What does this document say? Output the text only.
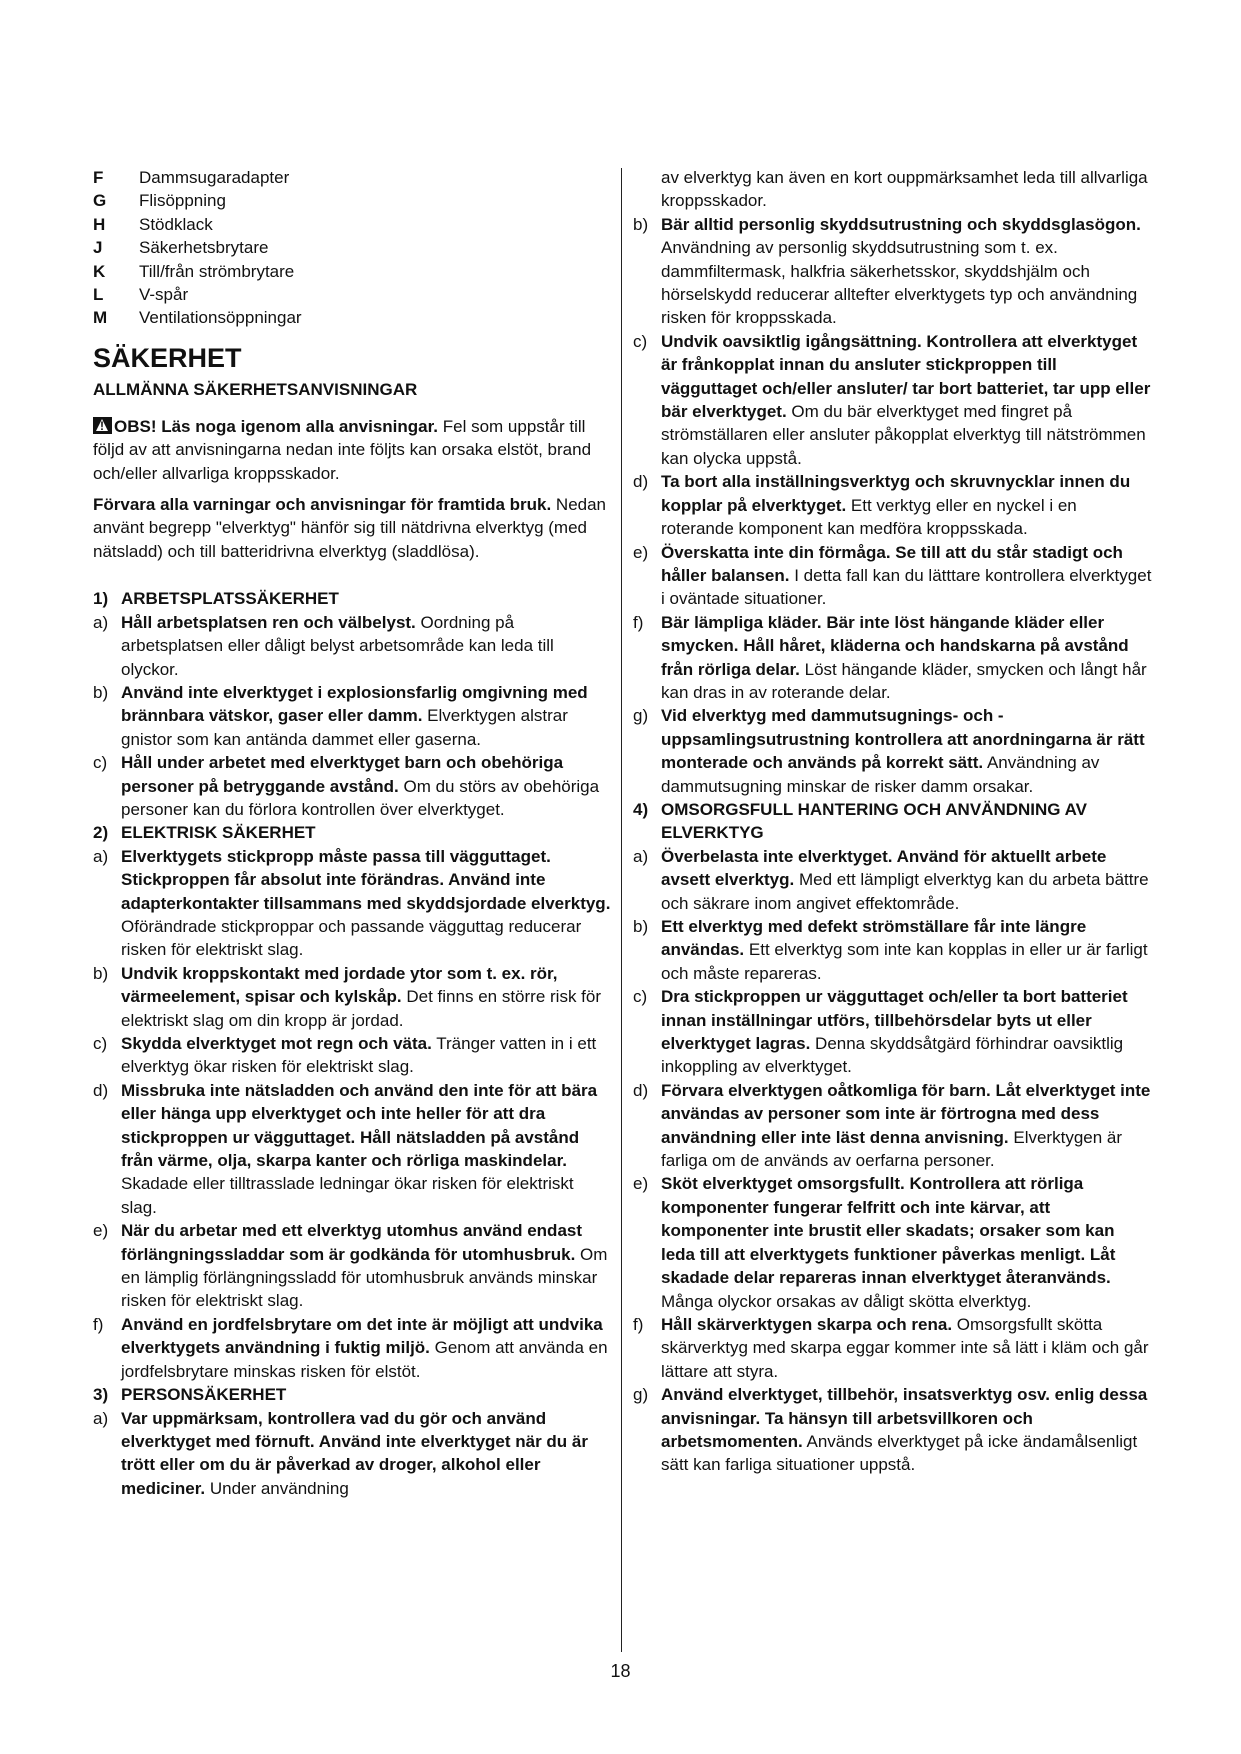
F	Dammsugaradapter
G	Flisöppning
H	Stödklack
J	Säkerhetsbrytare
K	Till/från strömbrytare
L	V-spår
M	Ventilationsöppningar
SÄKERHET
ALLMÄNNA SÄKERHETSANVISNINGAR

!OBS! Läs noga igenom alla anvisningar. Fel som uppstår till följd av att anvisningarna nedan inte följts kan orsaka elstöt, brand och/eller allvarliga kroppsskador.

Förvara alla varningar och anvisningar för framtida bruk. Nedan använt begrepp "elverktyg" hänför sig till nätdrivna elverktyg (med nätsladd) och till batteridrivna elverktyg (sladdlösa).

1) ARBETSPLATSSÄKERHET
a) Håll arbetsplatsen ren och välbelyst. Oordning på arbetsplatsen eller dåligt belyst arbetsområde kan leda till olyckor.
b) Använd inte elverktyget i explosionsfarlig omgivning med brännbara vätskor, gaser eller damm. Elverktygen alstrar gnistor som kan antända dammet eller gaserna.
c) Håll under arbetet med elverktyget barn och obehöriga personer på betryggande avstånd. Om du störs av obehöriga personer kan du förlora kontrollen över elverktyget.
2) ELEKTRISK SÄKERHET
a) Elverktygets stickpropp måste passa till vägguttaget. Stickproppen får absolut inte förändras. Använd inte adapterkontakter tillsammans med skyddsjordade elverktyg. Oförändrade stickproppar och passande vägguttag reducerar risken för elektriskt slag.
b) Undvik kroppskontakt med jordade ytor som t. ex. rör, värmeelement, spisar och kylskåp. Det finns en större risk för elektriskt slag om din kropp är jordad.
c) Skydda elverktyget mot regn och väta. Tränger vatten in i ett elverktyg ökar risken för elektriskt slag.
d) Missbruka inte nätsladden och använd den inte för att bära eller hänga upp elverktyget och inte heller för att dra stickproppen ur vägguttaget. Håll nätsladden på avstånd från värme, olja, skarpa kanter och rörliga maskindelar. Skadade eller tilltrasslade ledningar ökar risken för elektriskt slag.
e) När du arbetar med ett elverktyg utomhus använd endast förlängningssladdar som är godkända för utomhusbruk. Om en lämplig förlängningssladd för utomhusbruk används minskar risken för elektriskt slag.
f)	Använd en jordfelsbrytare om det inte är möjligt att undvika elverktygets användning i fuktig miljö. Genom att använda en jordfelsbrytare minskas risken för elstöt.
3) PERSONSÄKERHET
a) Var uppmärksam, kontrollera vad du gör och använd elverktyget med förnuft. Använd inte elverktyget när du är trött eller om du är påverkad av droger, alkohol eller mediciner. Under användning
av elverktyg kan även en kort ouppmärksamhet leda till allvarliga kroppsskador.
b) Bär alltid personlig skyddsutrustning och skyddsglasögon. Användning av personlig skyddsutrustning som t. ex. dammfiltermask, halkfria säkerhetsskor, skyddshjälm och hörselskydd reducerar alltefter elverktygets typ och användning risken för kroppsskada.
c) Undvik oavsiktlig igångsättning. Kontrollera att elverktyget är frånkopplat innan du ansluter stickproppen till vägguttaget och/eller ansluter/ tar bort batteriet, tar upp eller bär elverktyget. Om du bär elverktyget med fingret på strömställaren eller ansluter påkopplat elverktyg till nätströmmen kan olycka uppstå.
d) Ta bort alla inställningsverktyg och skruvnycklar innen du kopplar på elverktyget. Ett verktyg eller en nyckel i en roterande komponent kan medföra kroppsskada.
e) Överskatta inte din förmåga. Se till att du står stadigt och håller balansen. I detta fall kan du lätttare kontrollera elverktyget i oväntade situationer.
f)	Bär lämpliga kläder. Bär inte löst hängande kläder eller smycken. Håll håret, kläderna och handskarna på avstånd från rörliga delar. Löst hängande kläder, smycken och långt hår kan dras in av roterande delar.
g) Vid elverktyg med dammutsugnings- och -uppsamlingsutrustning kontrollera att anordningarna är rätt monterade och används på korrekt sätt. Användning av dammutsugning minskar de risker damm orsakar.
4) OMSORGSFULL HANTERING OCH ANVÄNDNING AV ELVERKTYG
a) Överbelasta inte elverktyget. Använd för aktuellt arbete avsett elverktyg. Med ett lämpligt elverktyg kan du arbeta bättre och säkrare inom angivet effektområde.
b) Ett elverktyg med defekt strömställare får inte längre användas. Ett elverktyg som inte kan kopplas in eller ur är farligt och måste repareras.
c) Dra stickproppen ur vägguttaget och/eller ta bort batteriet innan inställningar utförs, tillbehörsdelar byts ut eller elverktyget lagras. Denna skyddsåtgärd förhindrar oavsiktlig inkoppling av elverktyget.
d) Förvara elverktygen oåtkomliga för barn. Låt elverktyget inte användas av personer som inte är förtrogna med dess användning eller inte läst denna anvisning. Elverktygen är farliga om de används av oerfarna personer.
e) Sköt elverktyget omsorgsfullt. Kontrollera att rörliga komponenter fungerar felfritt och inte kärvar, att komponenter inte brustit eller skadats; orsaker som kan leda till att elverktygets funktioner påverkas menligt. Låt skadade delar repareras innan elverktyget återanvänds. Många olyckor orsakas av dåligt skötta elverktyg.
f)	Håll skärverktygen skarpa och rena. Omsorgsfullt skötta skärverktyg med skarpa eggar kommer inte så lätt i kläm och går lättare att styra.
g) Använd elverktyget, tillbehör, insatsverktyg osv. enlig dessa anvisningar. Ta hänsyn till arbetsvillkoren och arbetsmomenten. Används elverktyget på icke ändamålsenligt sätt kan farliga situationer uppstå.
18
